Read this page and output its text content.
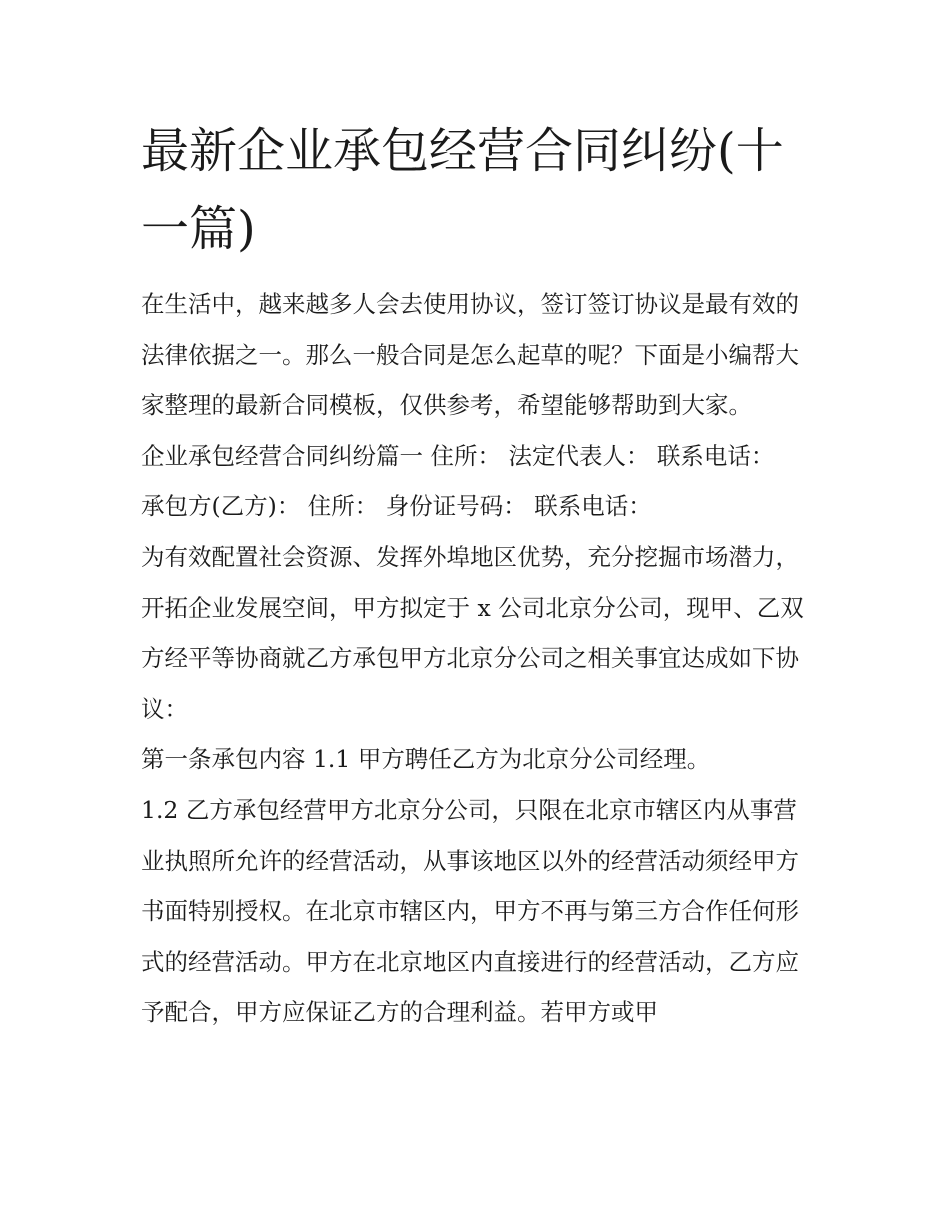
最新企业承包经营合同纠纷(十一篇)

在生活中，越来越多人会去使用协议，签订签订协议是最有效的法律依据之一。那么一般合同是怎么起草的呢？下面是小编帮大家整理的最新合同模板，仅供参考，希望能够帮助到大家。

企业承包经营合同纠纷篇一 住所： 法定代表人： 联系电话：

承包方(乙方)： 住所： 身份证号码： 联系电话：

为有效配置社会资源、发挥外埠地区优势，充分挖掘市场潜力，开拓企业发展空间，甲方拟定于 x 公司北京分公司，现甲、乙双方经平等协商就乙方承包甲方北京分公司之相关事宜达成如下协议：

第一条承包内容 1.1 甲方聘任乙方为北京分公司经理。

1.2 乙方承包经营甲方北京分公司，只限在北京市辖区内从事营业执照所允许的经营活动，从事该地区以外的经营活动须经甲方书面特别授权。在北京市辖区内，甲方不再与第三方合作任何形式的经营活动。甲方在北京地区内直接进行的经营活动，乙方应予配合，甲方应保证乙方的合理利益。若甲方或甲
